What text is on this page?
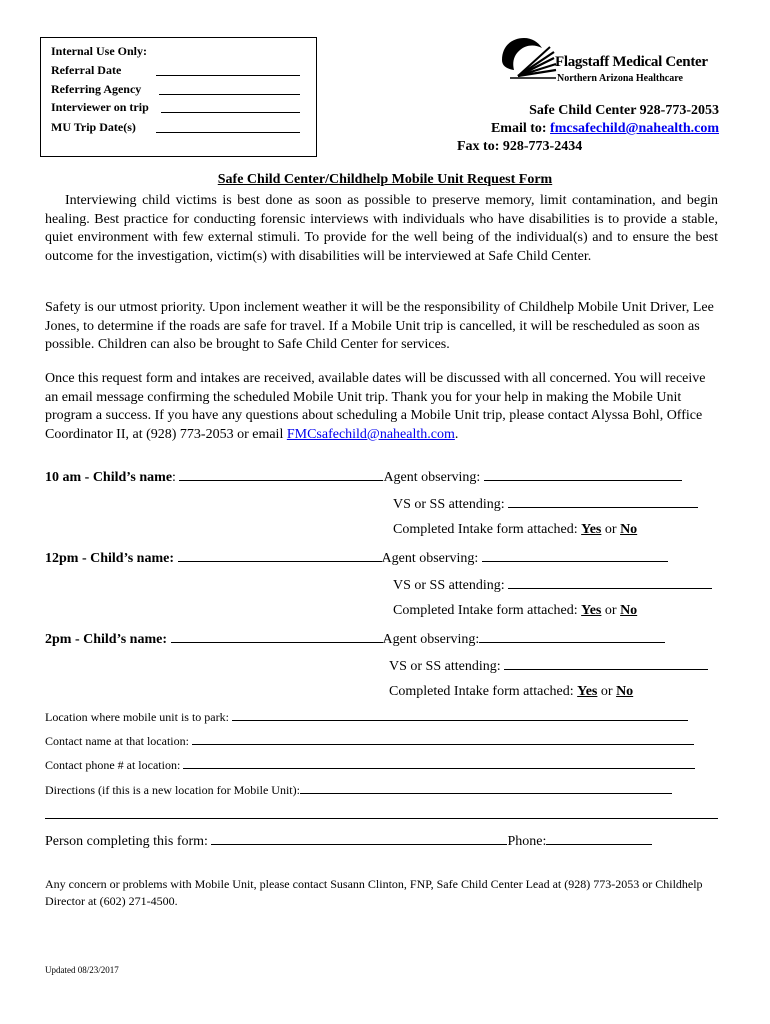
Internal Use Only:
Referral Date
Referring Agency
Interviewer on trip
MU Trip Date(s)
Flagstaff Medical Center
Northern Arizona Healthcare
Safe Child Center 928-773-2053
Email to: fmcsafechild@nahealth.com
Fax to: 928-773-2434
Safe Child Center/Childhelp Mobile Unit Request Form
Interviewing child victims is best done as soon as possible to preserve memory, limit contamination, and begin healing. Best practice for conducting forensic interviews with individuals who have disabilities is to provide a stable, quiet environment with few external stimuli. To provide for the well being of the individual(s) and to ensure the best outcome for the investigation, victim(s) with disabilities will be interviewed at Safe Child Center.
Safety is our utmost priority. Upon inclement weather it will be the responsibility of Childhelp Mobile Unit Driver, Lee Jones, to determine if the roads are safe for travel. If a Mobile Unit trip is cancelled, it will be rescheduled as soon as possible. Children can also be brought to Safe Child Center for services.
Once this request form and intakes are received, available dates will be discussed with all concerned. You will receive an email message confirming the scheduled Mobile Unit trip. Thank you for your help in making the Mobile Unit program a success. If you have any questions about scheduling a Mobile Unit trip, please contact Alyssa Bohl, Office Coordinator II, at (928) 773-2053 or email FMCsafechild@nahealth.com.
10 am - Child’s name:	Agent observing:
VS or SS attending:
Completed Intake form attached: Yes or No
12pm - Child’s name:	Agent observing:
VS or SS attending:
Completed Intake form attached: Yes or No
2pm - Child’s name:	Agent observing:
VS or SS attending:
Completed Intake form attached: Yes or No
Location where mobile unit is to park:
Contact name at that location:
Contact phone # at location:
Directions (if this is a new location for Mobile Unit):
Person completing this form:	Phone:
Any concern or problems with Mobile Unit, please contact Susann Clinton, FNP, Safe Child Center Lead at (928) 773-2053 or Childhelp Director at (602) 271-4500.
Updated 08/23/2017
